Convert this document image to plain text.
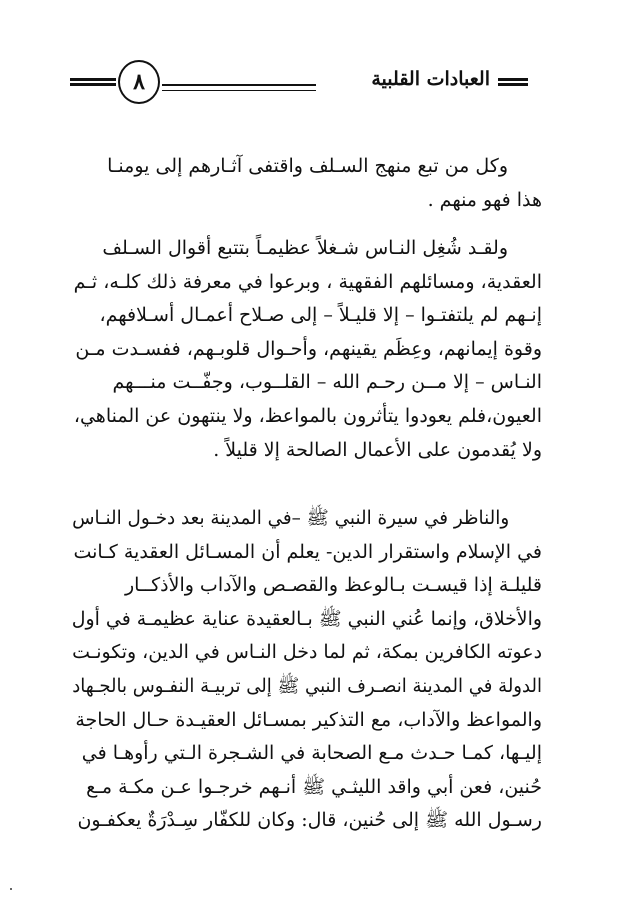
٨	العبادات القلبية
وكل من تبع منهج السـلف واقتفى آثـارهم إلى يومنـا
هذا فهو منهم .
ولقـد شُغِل النـاس شـغلاً عظيمـاً بتتبع أقوال السـلف
العقدية، ومسائلهم الفقهية ، وبرعوا في معرفة ذلك كلـه، ثـم
إنـهم لم يلتفتـوا – إلا قليـلاً – إلى صـلاح أعمـال أسـلافهم،
وقوة إيمانهم، وعِظَم يقينهم، وأحـوال قلوبـهم، ففسـدت مـن
النـاس – إلا مــن رحـم الله – القلــوب، وجفّــت منـــهم
العيون،فلم يعودوا يتأثرون بالمواعظ، ولا ينتهون عن المناهي،
ولا يُقدمون على الأعمال الصالحة إلا قليلاً .
والناظر في سيرة النبي ﷺ –في المدينة بعد دخـول النـاس
في الإسلام واستقرار الدين- يعلم أن المسـائل العقدية كـانت
قليلـة إذا قيسـت بـالوعظ والقصـص والآداب والأذكــار
والأخلاق، وإنما عُني النبي ﷺ بـالعقيدة عناية عظيمـة في أول
دعوته الكافرين بمكة، ثم لما دخل النـاس في الدين، وتكونـت
الدولة في المدينة انصـرف النبي ﷺ إلى تربيـة النفـوس بالجـهاد
والمواعظ والآداب، مع التذكير بمسـائل العقيـدة حـال الحاجة
إليـها، كمـا حـدث مـع الصحابة في الشـجرة الـتي رأوهـا في
حُنين، فعن أبي واقد الليثـي ﷺ أنـهم خرجـوا عـن مكـة مـع
رسـول الله ﷺ إلى حُنين، قال: وكان للكفّار سِـدْرَةٌ يعكفـون
